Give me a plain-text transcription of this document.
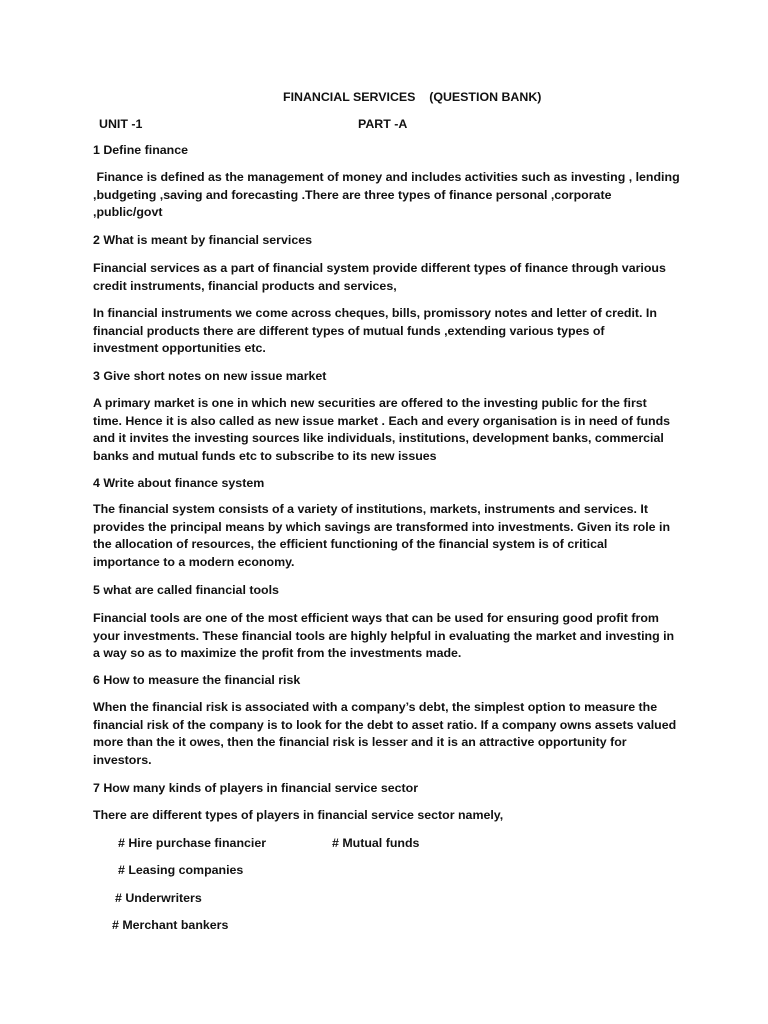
FINANCIAL SERVICES    (QUESTION BANK)
UNIT -1	PART -A
1 Define finance
Finance is defined as the management of money and includes activities such as investing , lending
,budgeting ,saving and forecasting .There are three types of finance personal ,corporate
,public/govt
2 What is meant by financial services
Financial services as a part of financial system provide different types of finance through various
credit instruments, financial products and services,
In financial instruments we come across cheques, bills, promissory notes and letter of credit. In
financial products there are different types of mutual funds ,extending various types of
investment opportunities etc.
3 Give short notes on new issue market
A primary market is one in which new securities are offered to the investing public for the first
time. Hence it is also called as new issue market . Each and every organisation is in need of funds
and it invites the investing sources like individuals, institutions, development banks, commercial
banks and mutual funds etc to subscribe to its new issues
4 Write about finance system
The financial system consists of a variety of institutions, markets, instruments and services. It
provides the principal means by which savings are transformed into investments. Given its role in
the allocation of resources, the efficient functioning of the financial system is of critical
importance to a modern economy.
5 what are called financial tools
Financial tools are one of the most efficient ways that can be used for ensuring good profit from
your investments. These financial tools are highly helpful in evaluating the market and investing in
a way so as to maximize the profit from the investments made.
6 How to measure the financial risk
When the financial risk is associated with a company’s debt, the simplest option to measure the
financial risk of the company is to look for the debt to asset ratio. If a company owns assets valued
more than the it owes, then the financial risk is lesser and it is an attractive opportunity for
investors.
7 How many kinds of players in financial service sector
There are different types of players in financial service sector namely,
# Hire purchase financier	# Mutual funds
# Leasing companies
# Underwriters
# Merchant bankers
